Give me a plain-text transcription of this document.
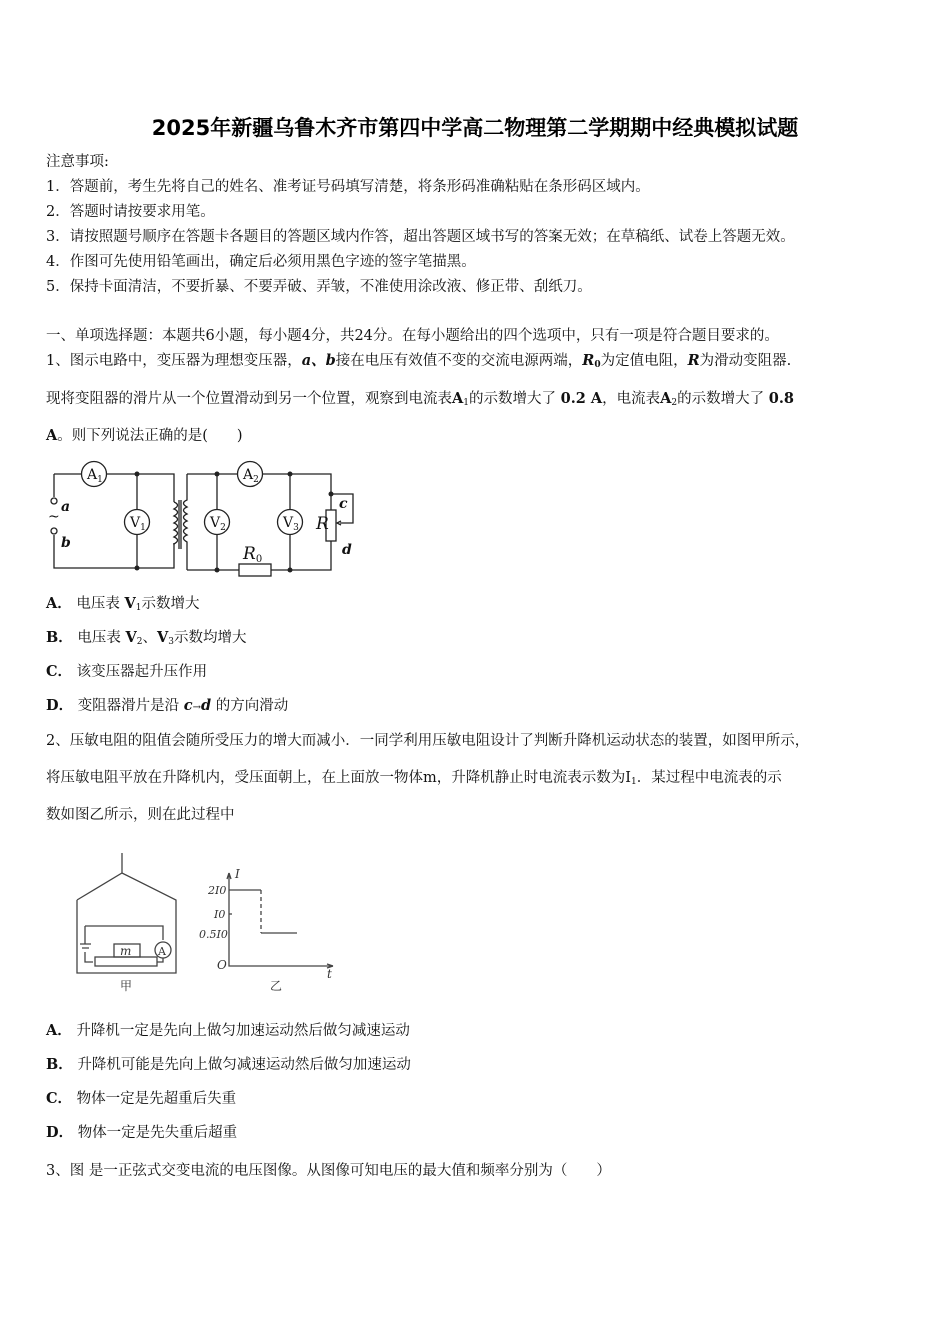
2025年新疆乌鲁木齐市第四中学高二物理第二学期期中经典模拟试题
注意事项:
1．答题前，考生先将自己的姓名、准考证号码填写清楚，将条形码准确粘贴在条形码区域内。
2．答题时请按要求用笔。
3．请按照题号顺序在答题卡各题目的答题区域内作答，超出答题区域书写的答案无效；在草稿纸、试卷上答题无效。
4．作图可先使用铅笔画出，确定后必须用黑色字迹的签字笔描黑。
5．保持卡面清洁，不要折暴、不要弄破、弄皱，不准使用涂改液、修正带、刮纸刀。
一、单项选择题：本题共6小题，每小题4分，共24分。在每小题给出的四个选项中，只有一项是符合题目要求的。
1、图示电路中，变压器为理想变压器，a、b接在电压有效值不变的交流电源两端，$R_0$为定值电阻，R为滑动变阻器.
现将变阻器的滑片从一个位置滑动到另一个位置，观察到电流表$A_1$的示数增大了 0.2 A，电流表$A_2$的示数增大了 0.8
A。则下列说法正确的是(　　)
$A_1$	$A_2$
$V_1$	$V_2$	$V_3$
a
b
~
c
d
R
R0
A． 电压表 $V_1$示数增大
B． 电压表 $V_2$、$V_3$示数均增大
C． 该变压器起升压作用
D． 变阻器滑片是沿 c→d 的方向滑动
2、压敏电阻的阻值会随所受压力的增大而减小．一同学利用压敏电阻设计了判断升降机运动状态的装置，如图甲所示，
将压敏电阻平放在升降机内，受压面朝上，在上面放一物体m，升降机静止时电流表示数为$I_1$．某过程中电流表的示
数如图乙所示，则在此过程中
m A
甲	乙
I
t
O
2I0
I0
0.5I0
A． 升降机一定是先向上做匀加速运动然后做匀减速运动
B． 升降机可能是先向上做匀减速运动然后做匀加速运动
C． 物体一定是先超重后失重
D． 物体一定是先失重后超重
3、图 是一正弦式交变电流的电压图像。从图像可知电压的最大值和频率分别为（　　）
